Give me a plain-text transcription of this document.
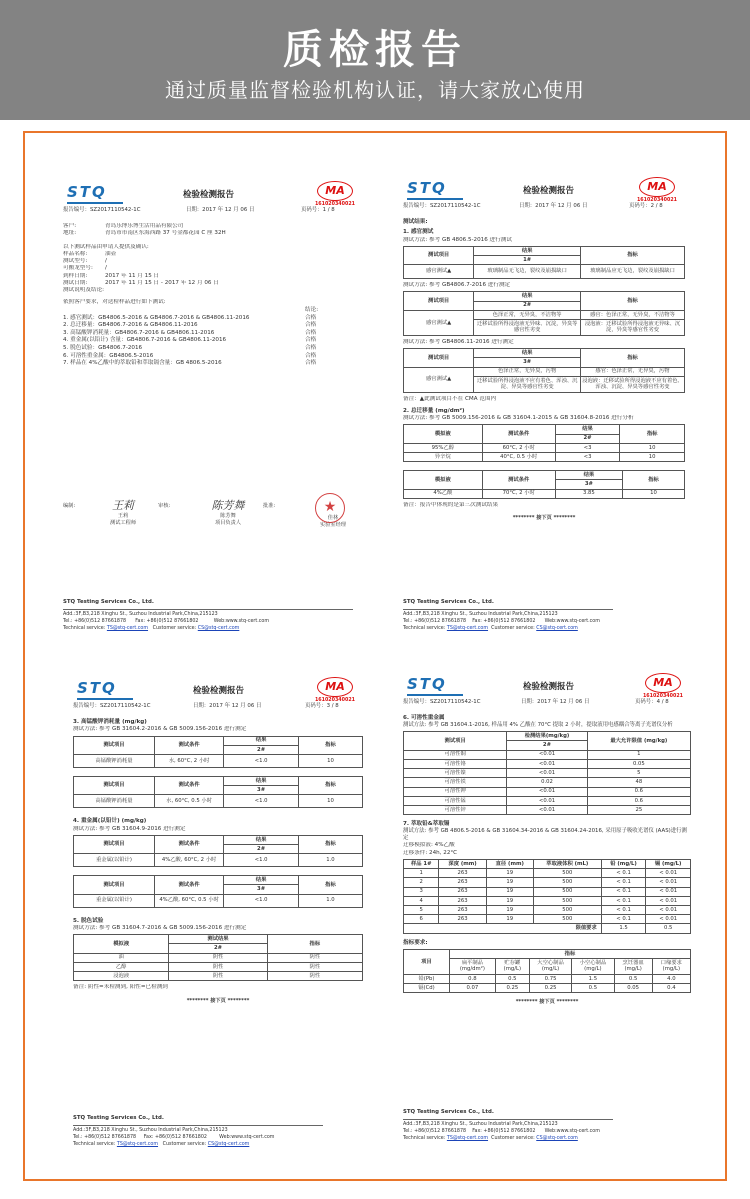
质检报告

通过质量监督检验机构认证，请大家放心使用

STQ	检验检测报告	MA
161020340021
报告编号：SZ2017110542-1C	日期：2017 年 12 月 06 日	页码号：1 / 8
客户:	青岛乐博乐博生活用品有限公司
地址:	青岛市市南区东海西路 37 号金都花园 C 座 32H
以下测试样品由申请人提供及确认:
样品名称:	油壶
测试型号:	/
可搬龙型号: /
到样日期:	2017 年 11 月 15 日
测试日期:	2017 年 11 月 15 日 - 2017 年 12 月 06 日
测试说明及结论:
依照客户要求，对送检样品进行如下测试:
结论:
1. 感官测试：GB4806.5-2016 & GB4806.7-2016 & GB4806.11-2016	合格
2. 总迁移量：GB4806.7-2016 & GB4806.11-2016	合格
3. 高锰酸钾消耗量：GB4806.7-2016 & GB4806.11-2016	合格
4. 重金属(以铅计) 含量：GB4806.7-2016 & GB4806.11-2016	合格
5. 脱色试验：GB4806.7-2016	合格
6. 可溶性重金属：GB4806.5-2016	合格
7. 样品在 4%乙酸中的萃取铅和萃取镉含量：GB 4806.5-2016	合格
编制:	王莉
王莉
测试工程师
审核:	陈芳舞
陈芳舞
项目负责人
批准:	★
佳林
实验室经理
STQ Testing Services Co., Ltd.
Add.:3F,B3,218 Xinghu St., Suzhou Industrial Park,China,215123
Tel.: +86(0)512 87661878 Fax: +86(0)512 87661802	Web:www.stq-cert.com
Technical service: TS@stq-cert.com Customer service: CS@stq-cert.com
STQ	检验检测报告	MA
161020340021
报告编号：SZ2017110542-1C	日期：2017 年 12 月 06 日	页码号：2 / 8
测试结果:
1. 感官测试
测试方法: 参考 GB 4806.5-2016 进行测试
测试项目	结果	指标
	1#	
感官测试▲	玻璃制品无飞边，裂纹及崩损缺口	玻璃制品应无飞边，裂纹及崩损缺口
测试方法: 参考 GB4806.7-2016 进行测定
测试项目	结果	指标
	2#	
感官测试▲	色泽正常，无异臭，不洁物等	感官：色泽正常，无异臭，不洁物等
	迁移试验所得浸泡液无异味、沉淀，异臭等感官性劣变	浸泡液：迁移试验所得浸泡液无异味、沉淀，异臭等感官性劣变
测试方法: 参考 GB4806.11-2016 进行测定
测试项目	结果	指标
	3#	
感官测试▲	色泽正常，无异臭，污物	感官：色泽正常，无异臭，污物
	迁移试验所得浸泡液不应有着色、浑浊、沉淀、异臭等感官性劣变	浸泡液：迁移试验所得浸泡液不应有着色、浑浊、沉淀、异臭等感官性劣变
备注：▲此测试项目不在 CMA 范围内
2. 总迁移量 (mg/dm²)
测试方法: 参考 GB 5009.156-2016 & GB 31604.1-2015 & GB 31604.8-2016 进行分析
模拟液	测试条件	结果	指标
		2#	
95%乙醇	60°C, 2 小时	<3	10
异辛烷	40°C, 0.5 小时	<3	10
模拟液	测试条件	结果	指标
		3#	
4%乙酸	70°C, 2 小时	3.85	10
备注：报告中体现的是第三次测试结果
******** 接下页 ********
STQ Testing Services Co., Ltd.
Add.:3F,B3,218 Xinghu St., Suzhou Industrial Park,China,215123
Tel.: +86(0)512 87661878 Fax: +86(0)512 87661802 Web:www.stq-cert.com
Technical service: TS@stq-cert.com Customer service: CS@stq-cert.com
STQ	检验检测报告	MA
161020340021
报告编号：SZ2017110542-1C	日期：2017 年 12 月 06 日	页码号：3 / 8
3. 高锰酸钾消耗量 (mg/kg)
测试方法: 参考 GB 31604.2-2016 & GB 5009.156-2016 进行测定
测试项目	测试条件	结果	指标
		2#	
高锰酸钾消耗量	水, 60°C, 2 小时	<1.0	10
测试项目	测试条件	结果	指标
		3#	
高锰酸钾消耗量	水, 60°C, 0.5 小时	<1.0	10
4. 重金属(以铅计) (mg/kg)
测试方法: 参考 GB 31604.9-2016 进行测定
测试项目	测试条件	结果	指标
		2#	
重金属(以铅计)	4%乙酸, 60°C, 2 小时	<1.0	1.0
测试项目	测试条件	结果	指标
		3#	
重金属(以铅计)	4%乙酸, 60°C, 0.5 小时	<1.0	1.0
5. 脱色试验
测试方法: 参考 GB 31604.7-2016 & GB 5009.156-2016 进行测定
模拟液	测试结果	指标
	2#	
油	阴性	阴性
乙醇	阴性	阴性
浸泡液	阴性	阴性
备注: 阴性=未检测到, 阳性=已检测到
******** 接下页 ********
STQ Testing Services Co., Ltd.
Add.:3F,B3,218 Xinghu St., Suzhou Industrial Park,China,215123
Tel.: +86(0)512 87661878 Fax: +86(0)512 87661802	Web:www.stq-cert.com
Technical service: TS@stq-cert.com Customer service: CS@stq-cert.com
STQ	检验检测报告	MA
161020340021
报告编号：SZ2017110542-1C	日期：2017 年 12 月 06 日	页码号：4 / 8
6. 可溶性重金属
测试方法: 参考 GB 31604.1-2016, 样品用 4% 乙酸在 70°C 提取 2 小时，提取液用电感耦合等离子光谱仪分析
测试项目	检测结果(mg/kg)	最大允许限值 (mg/kg)
	2#	
可溶性铜	<0.01	1
可溶性铬	<0.01	0.05
可溶性镍	<0.01	5
可溶性铁	0.02	48
可溶性钾	<0.01	0.6
可溶性锰	<0.01	0.6
可溶性锌	<0.01	25
7. 萃取铅&萃取镉
测试方法: 参考 GB 4806.5-2016 & GB 31604.34-2016 & GB 31604.24-2016, 采用原子吸收光谱仪 (AAS)进行测定
迁移模拟液: 4%乙酸
迁移条件: 24h, 22°C
样品 1#	深度 (mm)	直径 (mm)	萃取液体积 (mL)	铅 (mg/L)	镉 (mg/L)
1	263	19	500	< 0.1	< 0.01
2	263	19	500	< 0.1	< 0.01
3	263	19	500	< 0.1	< 0.01
4	263	19	500	< 0.1	< 0.01
5	263	19	500	< 0.1	< 0.01
6	263	19	500	< 0.1	< 0.01
限值要求				1.5	0.5
指标要求:
项目	指标					
	扁平制品 (mg/dm²)	贮存罐 (mg/L)	大空心制品 (mg/L)	小空心制品 (mg/L)	烹饪器皿 (mg/L)	口缘要求 (mg/L)
铅(Pb)	0.8	0.5	0.75	1.5	0.5	4.0
镉(Cd)	0.07	0.25	0.25	0.5	0.05	0.4
******** 接下页 ********
STQ Testing Services Co., Ltd.
Add.:3F,B3,218 Xinghu St., Suzhou Industrial Park,China,215123
Tel.: +86(0)512 87661878 Fax: +86(0)512 87661802 Web:www.stq-cert.com
Technical service: TS@stq-cert.com Customer service: CS@stq-cert.com
